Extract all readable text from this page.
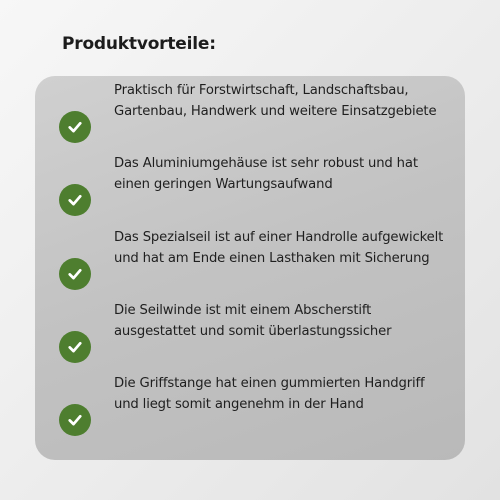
Produktvorteile:
Praktisch für Forstwirtschaft, Landschaftsbau,
Gartenbau, Handwerk und weitere Einsatzgebiete
Das Aluminiumgehäuse ist sehr robust und hat
einen geringen Wartungsaufwand
Das Spezialseil ist auf einer Handrolle aufgewickelt
und hat am Ende einen Lasthaken mit Sicherung
Die Seilwinde ist mit einem Abscherstift
ausgestattet und somit überlastungssicher
Die Griffstange hat einen gummierten Handgriff
und liegt somit angenehm in der Hand
